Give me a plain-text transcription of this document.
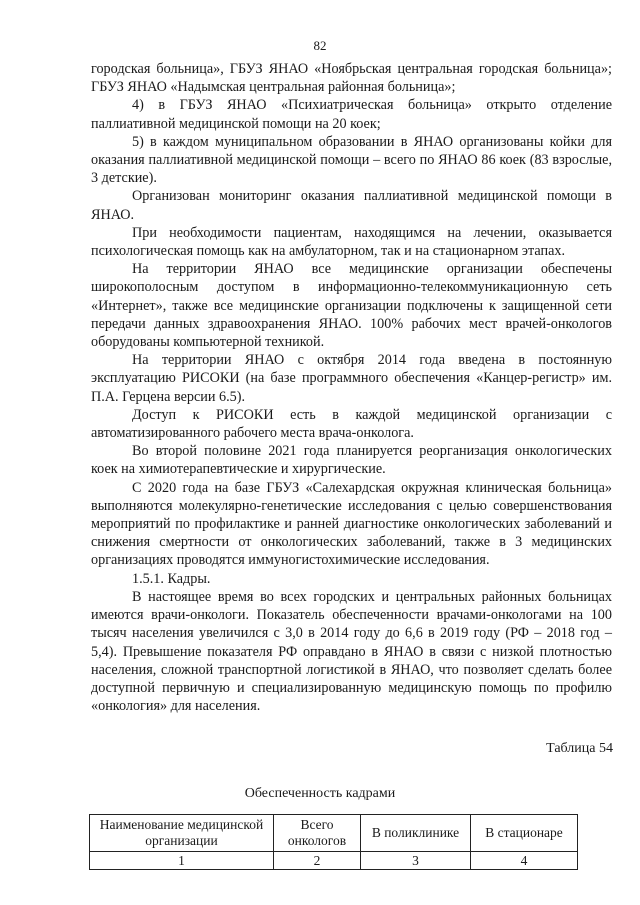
82

городская больница», ГБУЗ ЯНАО «Ноябрьская центральная городская больница»; ГБУЗ ЯНАО «Надымская центральная районная больница»;

4) в ГБУЗ ЯНАО «Психиатрическая больница» открыто отделение паллиативной медицинской помощи на 20 коек;

5) в каждом муниципальном образовании в ЯНАО организованы койки для оказания паллиативной медицинской помощи – всего по ЯНАО 86 коек (83 взрослые, 3 детские).

Организован мониторинг оказания паллиативной медицинской помощи в ЯНАО.

При необходимости пациентам, находящимся на лечении, оказывается психологическая помощь как на амбулаторном, так и на стационарном этапах.

На территории ЯНАО все медицинские организации обеспечены широкополосным доступом в информационно-телекоммуникационную сеть «Интернет», также все медицинские организации подключены к защищенной сети передачи данных здравоохранения ЯНАО. 100% рабочих мест врачей-онкологов оборудованы компьютерной техникой.

На территории ЯНАО с октября 2014 года введена в постоянную эксплуатацию РИСОКИ (на базе программного обеспечения «Канцер-регистр» им. П.А. Герцена версии 6.5).

Доступ к РИСОКИ есть в каждой медицинской организации с автоматизированного рабочего места врача-онколога.

Во второй половине 2021 года планируется реорганизация онкологических коек на химиотерапевтические и хирургические.

С 2020 года на базе ГБУЗ «Салехардская окружная клиническая больница» выполняются молекулярно-генетические исследования с целью совершенствования мероприятий по профилактике и ранней диагностике онкологических заболеваний и снижения смертности от онкологических заболеваний, также в 3 медицинских организациях проводятся иммуногистохимические исследования.

1.5.1. Кадры.

В настоящее время во всех городских и центральных районных больницах имеются врачи-онкологи. Показатель обеспеченности врачами-онкологами на 100 тысяч населения увеличился с 3,0 в 2014 году до 6,6 в 2019 году (РФ – 2018 год – 5,4). Превышение показателя РФ оправдано в ЯНАО в связи с низкой плотностью населения, сложной транспортной логистикой в ЯНАО, что позволяет сделать более доступной первичную и специализированную медицинскую помощь по профилю «онкология» для населения.

Таблица 54
Обеспеченность кадрами
Наименование медицинской организации	Всего онкологов	В поликлинике	В стационаре
1	2	3	4
